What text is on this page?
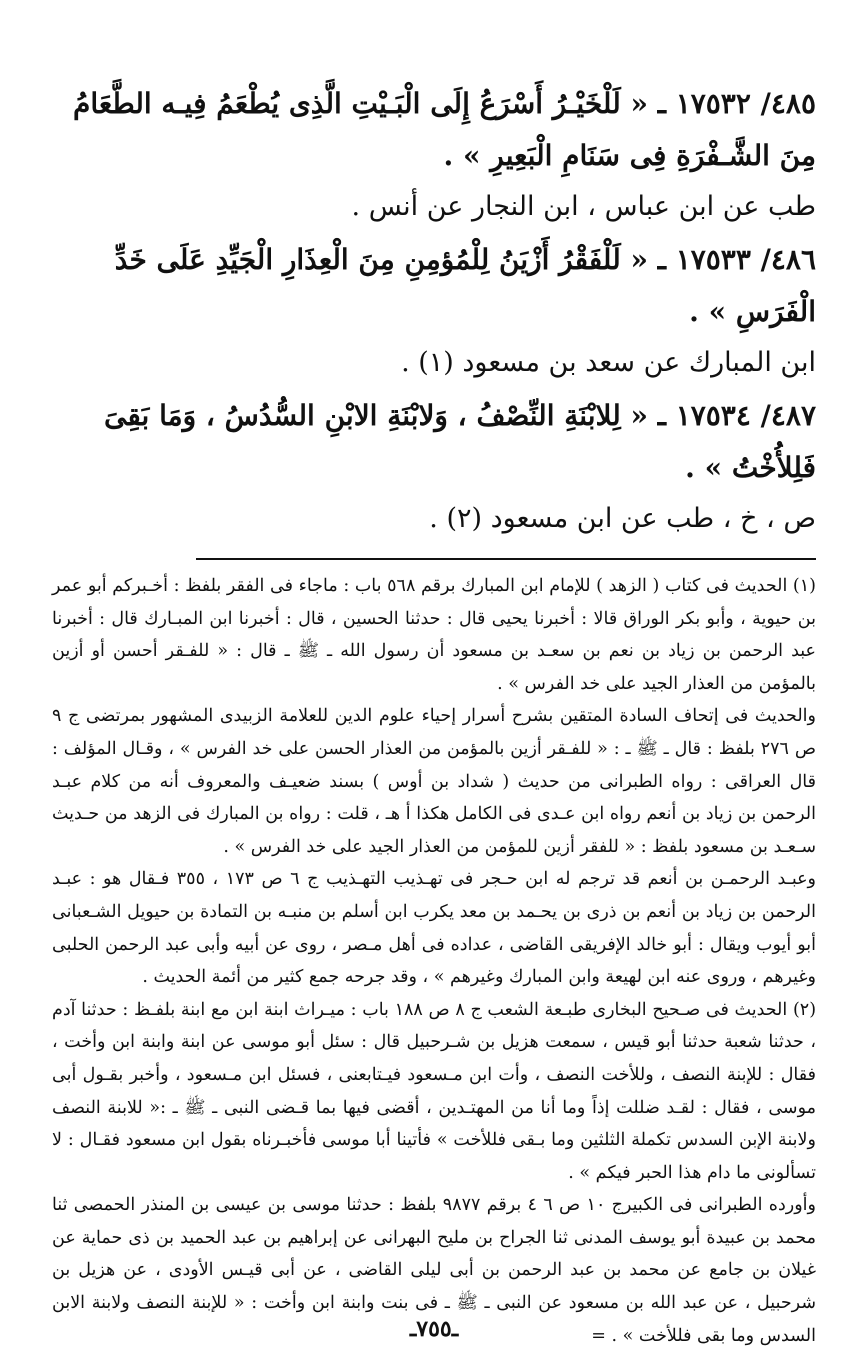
٤٨٥/ ١٧٥٣٢ ـ « لَلْخَيْـرُ أَسْرَعُ إِلَى الْبَـيْتِ الَّذِى يُطْعَمُ فِيـه الطَّعَامُ مِنَ الشَّـفْرَةِ فِى سَنَامِ الْبَعِيرِ » .

طب عن ابن عباس ، ابن النجار عن أنس .

٤٨٦/ ١٧٥٣٣ ـ « لَلْفَقْرُ أَزْيَنُ لِلْمُؤمِنِ مِنَ الْعِذَارِ الْجَيِّدِ عَلَى خَدِّ الْفَرَسِ » .

ابن المبارك عن سعد بن مسعود (١) .

٤٨٧/ ١٧٥٣٤ ـ « لِلابْنَةِ النِّصْفُ ، وَلابْنَةِ الابْنِ السُّدُسُ ، وَمَا بَقِىَ فَلِلأُخْتُ » .

ص ، خ ، طب عن ابن مسعود (٢) .

(١) الحديث فى كتاب ( الزهد ) للإمام ابن المبارك برقم ٥٦٨ باب : ماجاء فى الفقر بلفظ : أخـبركم أبو عمر بن حيوية ، وأبو بكر الوراق قالا : أخبرنا يحيى قال : حدثنا الحسين ، قال : أخبرنا ابن المبـارك قال : أخبرنا عبد الرحمن بن زياد بن نعم بن سعـد بن مسعود أن رسول الله ـ ﷺ ـ قال : « للفـقر أحسن أو أزين بالمؤمن من العذار الجيد على خد الفرس » .

والحديث فى إتحاف السادة المتقين بشرح أسرار إحياء علوم الدين للعلامة الزبيدى المشهور بمرتضى ج ٩ ص ٢٧٦ بلفظ : قال ـ ﷺ ـ : « للفـقر أزين بالمؤمن من العذار الحسن على خد الفرس » ، وقـال المؤلف : قال العراقى : رواه الطبرانى من حديث ( شداد بن أوس ) بسند ضعيـف والمعروف أنه من كلام عبـد الرحمن بن زياد بن أنعم رواه ابن عـدى فى الكامل هكذا أ هـ ، قلت : رواه بن المبارك فى الزهد من حـديث سـعـد بن مسعود بلفظ : « للفقر أزين للمؤمن من العذار الجيد على خد الفرس » .

وعبـد الرحمـن بن أنعم قد ترجم له ابن حـجر فى تهـذيب التهـذيب ج ٦ ص ١٧٣ ، ٣٥٥ فـقال هو : عبـد الرحمن بن زياد بن أنعم بن ذرى بن يحـمد بن معد يكرب ابن أسلم بن منبـه بن التمادة بن حيويل الشـعبانى أبو أيوب ويقال : أبو خالد الإفريقى القاضى ، عداده فى أهل مـصر ، روى عن أبيه وأبى عبد الرحمن الحلبى وغيرهم ، وروى عنه ابن لهيعة وابن المبارك وغيرهم » ، وقد جرحه جمع كثير من أئمة الحديث .

(٢) الحديث فى صـحيح البخارى طبـعة الشعب ج ٨ ص ١٨٨ باب : ميـراث ابنة ابن مع ابنة بلفـظ : حدثنا آدم ، حدثنا شعبة حدثنا أبو قيس ، سمعت هزيل بن شـرحبيل قال : سئل أبو موسى عن ابنة وابنة ابن وأخت ، فقال : للإبنة النصف ، وللأخت النصف ، وأت ابن مـسعود فيـتابعنى ، فسئل ابن مـسعود ، وأخبر بقـول أبى موسى ، فقال : لقـد ضللت إذاً وما أنا من المهتـدين ، أقضى فيها بما قـضى النبى ـ ﷺ ـ :« للابنة النصف ولابنة الإبن السدس تكملة الثلثين وما بـقى فللأخت » فأتينا أبا موسى فأخبـرناه بقول ابن مسعود فقـال : لا تسألونى ما دام هذا الحبر فيكم » .

وأورده الطبرانى فى الكبيرج ١٠ ص ٦ ٤ برقم ٩٨٧٧ بلفظ : حدثنا موسى بن عيسى بن المنذر الحمصى ثنا محمد بن عبيدة أبو يوسف المدنى ثنا الجراح بن مليح البهرانى عن إبراهيم بن عبد الحميد بن ذى حماية عن غيلان بن جامع عن محمد بن عبد الرحمن بن أبى ليلى القاضى ، عن أبى قيـس الأودى ، عن هزيل بن شرحبيل ، عن عبد الله بن مسعود عن النبى ـ ﷺ ـ فى بنت وابنة ابن وأخت : « للإبنة النصف ولابنة الابن السدس وما بقى فللأخت » . =

ـ٧٥٥ـ
